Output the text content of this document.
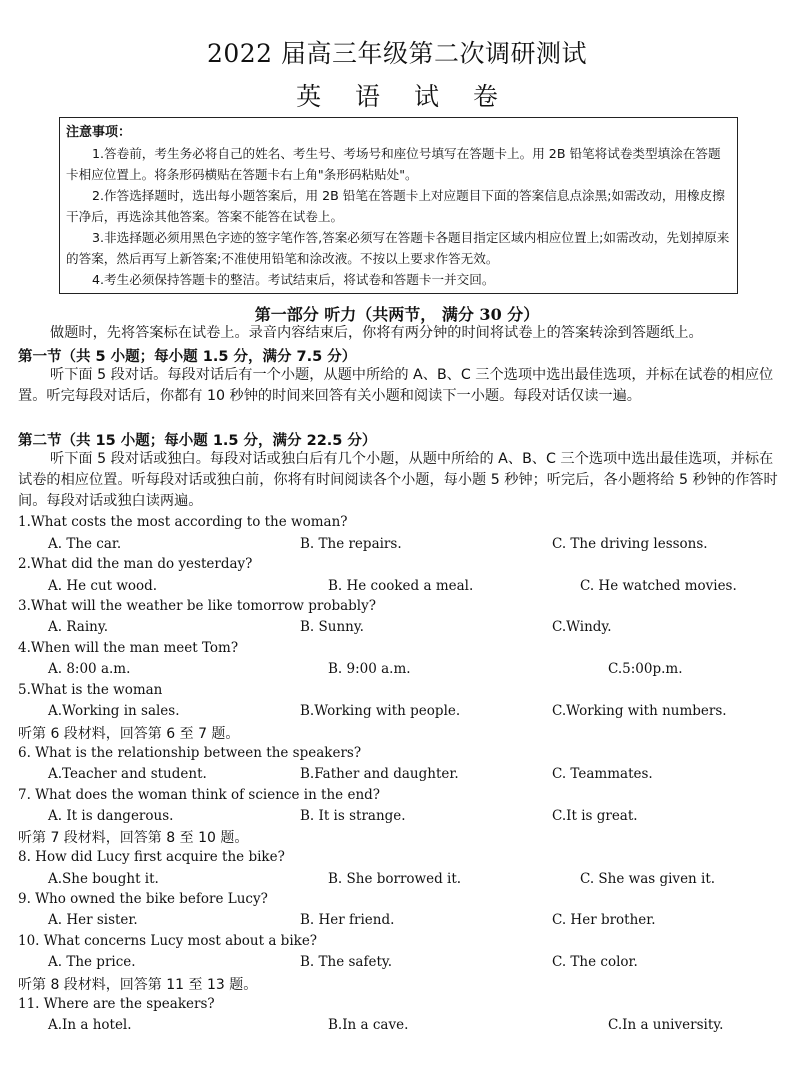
2022 届高三年级第二次调研测试
英 语 试 卷
注意事项：

1.答卷前，考生务必将自己的姓名、考生号、考场号和座位号填写在答题卡上。用 2B 铅笔将试卷类型填涂在答题卡相应位置上。将条形码横贴在答题卡右上角"条形码粘贴处"。

2.作答选择题时，选出每小题答案后，用 2B 铅笔在答题卡上对应题目下面的答案信息点涂黑;如需改动，用橡皮擦干净后，再选涂其他答案。答案不能答在试卷上。

3.非选择题必须用黑色字迹的签字笔作答,答案必须写在答题卡各题目指定区域内相应位置上;如需改动，先划掉原来的答案，然后再写上新答案;不准使用铅笔和涂改液。不按以上要求作答无效。

4.考生必须保持答题卡的整洁。考试结束后，将试卷和答题卡一并交回。

第一部分 听力（共两节， 满分 30 分）
做题时，先将答案标在试卷上。录音内容结束后，你将有两分钟的时间将试卷上的答案转涂到答题纸上。
第一节（共 5 小题；每小题 1.5 分，满分 7.5 分）
听下面 5 段对话。每段对话后有一个小题，从题中所给的 A、B、C 三个选项中选出最佳选项，并标在试卷的相应位置。听完每段对话后，你都有 10 秒钟的时间来回答有关小题和阅读下一小题。每段对话仅读一遍。
第二节（共 15 小题；每小题 1.5 分，满分 22.5 分）
听下面 5 段对话或独白。每段对话或独白后有几个小题，从题中所给的 A、B、C 三个选项中选出最佳选项，并标在试卷的相应位置。听每段对话或独白前，你将有时间阅读各个小题，每小题 5 秒钟；听完后，各小题将给 5 秒钟的作答时间。每段对话或独白读两遍。
1.What costs the most according to the woman?
A. The car.	B. The repairs.	C. The driving lessons.
2.What did the man do yesterday?
A. He cut wood.	B. He cooked a meal.	C. He watched movies.
3.What will the weather be like tomorrow probably?
A. Rainy.	B. Sunny.	C.Windy.
4.When will the man meet Tom?
A. 8:00 a.m.	B. 9:00 a.m.	C.5:00p.m.
5.What is the woman
A.Working in sales.	B.Working with people.	C.Working with numbers.
听第 6 段材料，回答第 6 至 7 题。
6. What is the relationship between the speakers?
A.Teacher and student.	B.Father and daughter.	C. Teammates.
7. What does the woman think of science in the end?
A. It is dangerous.	B. It is strange.	C.It is great.
听第 7 段材料，回答第 8 至 10 题。
8. How did Lucy first acquire the bike?
A.She bought it.	B. She borrowed it.	C. She was given it.
9. Who owned the bike before Lucy?
A. Her sister.	B. Her friend.	C. Her brother.
10. What concerns Lucy most about a bike?
A. The price.	B. The safety.	C. The color.
听第 8 段材料，回答第 11 至 13 题。
11. Where are the speakers?
A.In a hotel.	B.In a cave.	C.In a university.
